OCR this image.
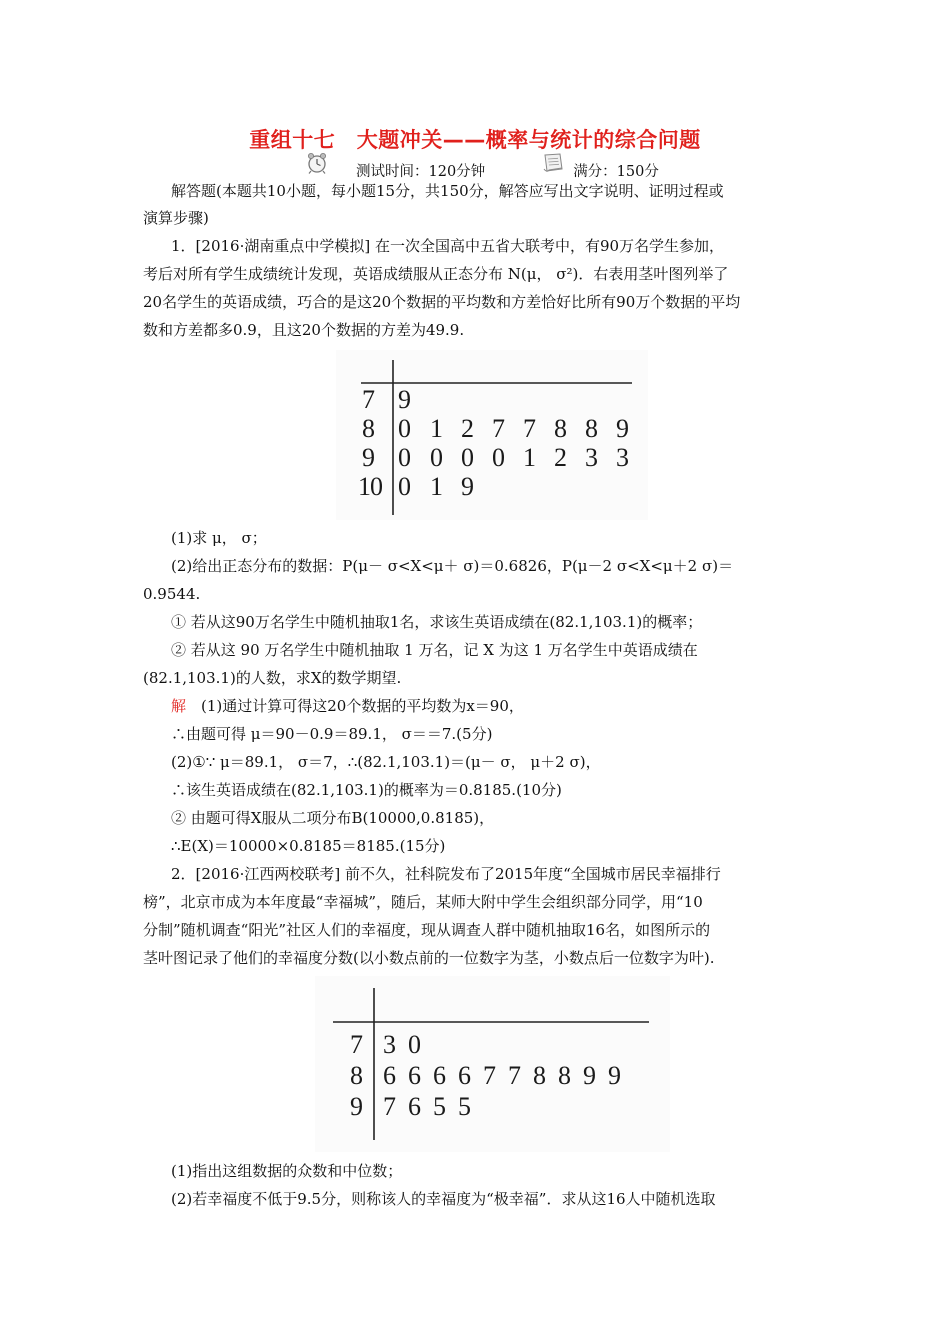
重组十七　大题冲关——概率与统计的综合问题
测试时间：120分钟	满分：150分
解答题(本题共10小题，每小题15分，共150分，解答应写出文字说明、证明过程或
演算步骤)
1．[2016·湖南重点中学模拟] 在一次全国高中五省大联考中，有90万名学生参加，
考后对所有学生成绩统计发现，英语成绩服从正态分布 N(μ， σ²)．右表用茎叶图列举了
20名学生的英语成绩，巧合的是这20个数据的平均数和方差恰好比所有90万个数据的平均
数和方差都多0.9，且这20个数据的方差为49.9.
7
8
9
10
9
0 1 2 7 7 8 8 9
0 0 0 0 1 2 3 3
0 1 9
(1)求 μ， σ；
(2)给出正态分布的数据：P(μ－ σ<X<μ＋ σ)＝0.6826，P(μ－2 σ<X<μ＋2 σ)＝
0.9544.
① 若从这90万名学生中随机抽取1名，求该生英语成绩在(82.1,103.1)的概率；
② 若从这 90 万名学生中随机抽取 1 万名，记 X 为这 1 万名学生中英语成绩在
(82.1,103.1)的人数，求X的数学期望.
解　(1)通过计算可得这20个数据的平均数为x＝90，
∴由题可得 μ＝90－0.9＝89.1， σ＝＝7.(5分)
(2)①∵ μ＝89.1， σ＝7，∴(82.1,103.1)＝(μ－ σ， μ＋2 σ)，
∴该生英语成绩在(82.1,103.1)的概率为＝0.8185.(10分)
② 由题可得X服从二项分布B(10000,0.8185)，
∴E(X)＝10000×0.8185＝8185.(15分)
2．[2016·江西两校联考] 前不久，社科院发布了2015年度“全国城市居民幸福排行
榜”，北京市成为本年度最“幸福城”，随后，某师大附中学生会组织部分同学，用“10
分制”随机调查“阳光”社区人们的幸福度，现从调查人群中随机抽取16名，如图所示的
茎叶图记录了他们的幸福度分数(以小数点前的一位数字为茎，小数点后一位数字为叶).
7
8
9
3 0
6 6 6 6 7 7 8 8 9 9
7 6 5 5
(1)指出这组数据的众数和中位数；
(2)若幸福度不低于9.5分，则称该人的幸福度为“极幸福”．求从这16人中随机选取
